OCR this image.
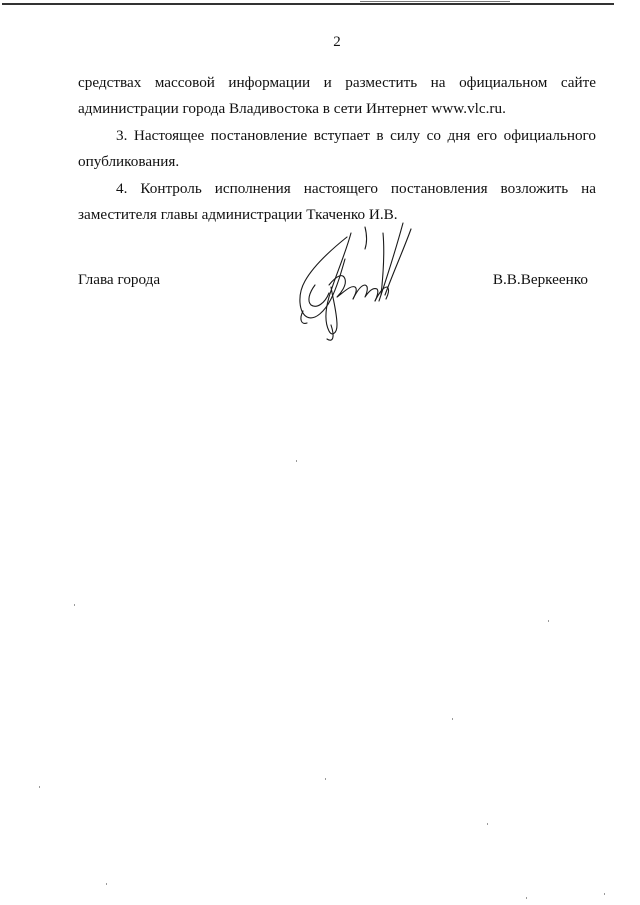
2
средствах массовой информации и разместить на официальном сайте
администрации города Владивостока в сети Интернет www.vlc.ru.
3. Настоящее постановление вступает в силу со дня его официального
опубликования.
4. Контроль исполнения настоящего постановления возложить на
заместителя главы администрации Ткаченко И.В.
Глава города	В.В.Веркеенко
